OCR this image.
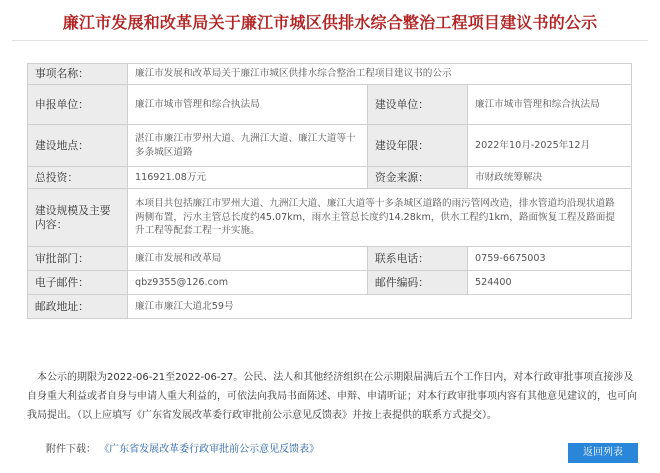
廉江市发展和改革局关于廉江市城区供排水综合整治工程项目建议书的公示
事项名称：	廉江市发展和改革局关于廉江市城区供排水综合整治工程项目建议书的公示		
申报单位：	廉江市城市管理和综合执法局	建设单位：	廉江市城市管理和综合执法局
建设地点：	湛江市廉江市罗州大道、九洲江大道、廉江大道等十多条城区道路	建设年限：	2022年10月-2025年12月
总投资：	116921.08万元	资金来源：	市财政统筹解决
建设规模及主要内容：	本项目共包括廉江市罗州大道、九洲江大道、廉江大道等十多条城区道路的雨污管网改造，排水管道均沿现状道路两侧布置，污水主管总长度约45.07km，雨水主管总长度约14.28km，供水工程约1km，路面恢复工程及路面提升工程等配套工程一并实施。		
审批部门：	廉江市发展和改革局	联系电话：	0759-6675003
电子邮件：	qbz9355@126.com	邮件编码：	524400
邮政地址：	廉江市廉江大道北59号		
本公示的期限为2022-06-21至2022-06-27。公民、法人和其他经济组织在公示期限届满后五个工作日内，对本行政审批事项直接涉及自身重大利益或者自身与申请人重大利益的，可依法向我局书面陈述、申辩、申请听证；对本行政审批事项内容有其他意见建议的，也可向我局提出。（以上应填写《广东省发展改革委行政审批前公示意见反馈表》并按上表提供的联系方式提交）。
附件下载： 《广东省发展改革委行政审批前公示意见反馈表》	返回列表
